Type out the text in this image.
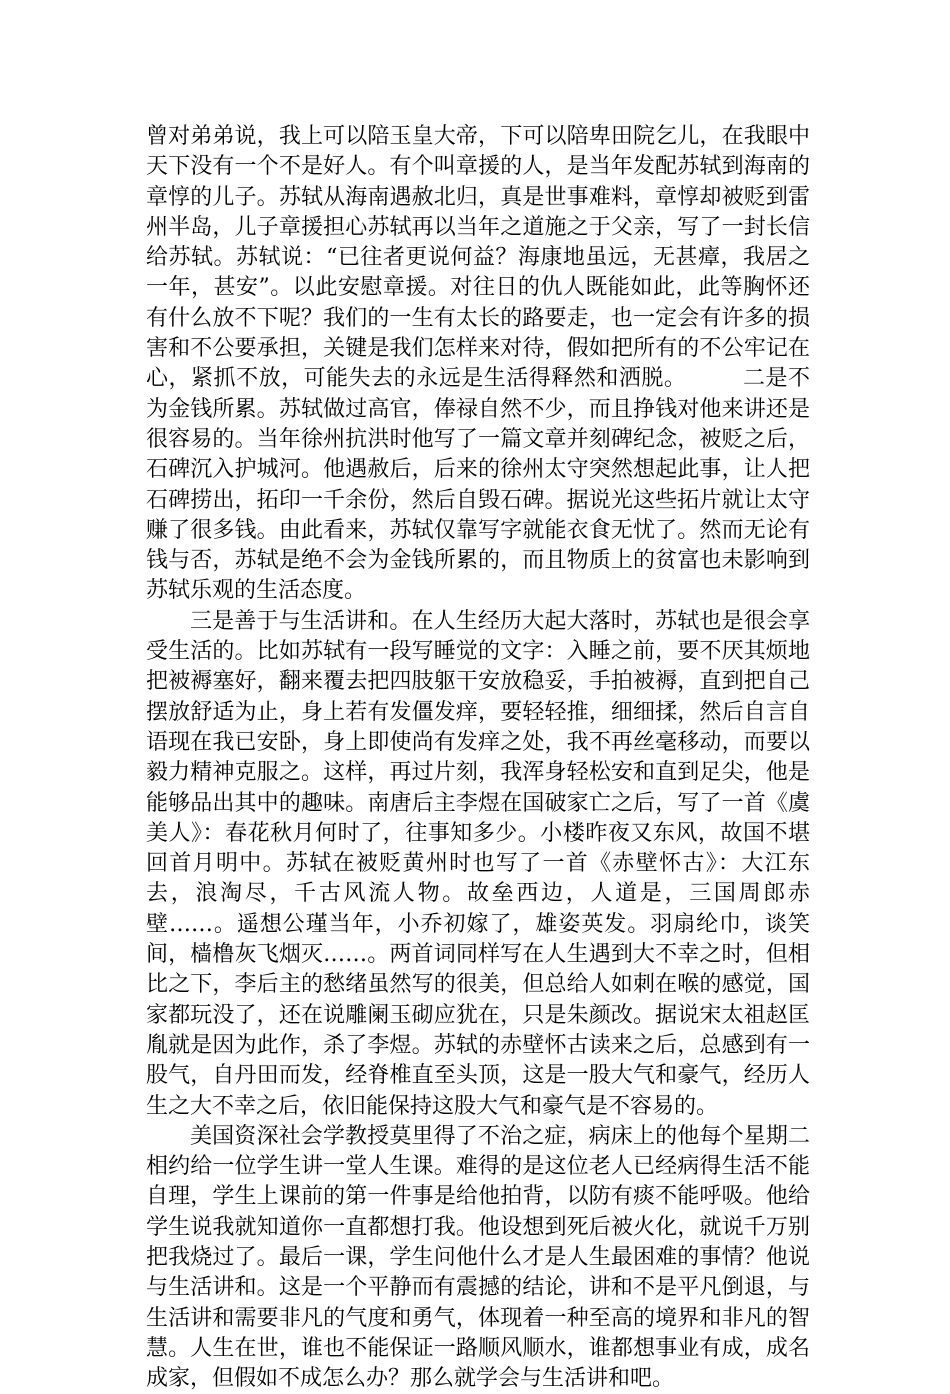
曾对弟弟说，我上可以陪玉皇大帝，下可以陪卑田院乞儿，在我眼中天下没有一个不是好人。有个叫章援的人，是当年发配苏轼到海南的章惇的儿子。苏轼从海南遇赦北归，真是世事难料，章惇却被贬到雷州半岛，儿子章援担心苏轼再以当年之道施之于父亲，写了一封长信给苏轼。苏轼说：“已往者更说何益？海康地虽远，无甚瘴，我居之一年，甚安”。以此安慰章援。对往日的仇人既能如此，此等胸怀还有什么放不下呢？我们的一生有太长的路要走，也一定会有许多的损害和不公要承担，关键是我们怎样来对待，假如把所有的不公牢记在心，紧抓不放，可能失去的永远是生活得释然和洒脱。　　　二是不为金钱所累。苏轼做过高官，俸禄自然不少，而且挣钱对他来讲还是很容易的。当年徐州抗洪时他写了一篇文章并刻碑纪念，被贬之后，石碑沉入护城河。他遇赦后，后来的徐州太守突然想起此事，让人把石碑捞出，拓印一千余份，然后自毁石碑。据说光这些拓片就让太守赚了很多钱。由此看来，苏轼仅靠写字就能衣食无忧了。然而无论有钱与否，苏轼是绝不会为金钱所累的，而且物质上的贫富也未影响到苏轼乐观的生活态度。

三是善于与生活讲和。在人生经历大起大落时，苏轼也是很会享受生活的。比如苏轼有一段写睡觉的文字：入睡之前，要不厌其烦地把被褥塞好，翻来覆去把四肢躯干安放稳妥，手拍被褥，直到把自己摆放舒适为止，身上若有发僵发痒，要轻轻推，细细揉，然后自言自语现在我已安卧，身上即使尚有发痒之处，我不再丝毫移动，而要以毅力精神克服之。这样，再过片刻，我浑身轻松安和直到足尖，他是能够品出其中的趣味。南唐后主李煜在国破家亡之后，写了一首《虞美人》：春花秋月何时了，往事知多少。小楼昨夜又东风，故国不堪回首月明中。苏轼在被贬黄州时也写了一首《赤壁怀古》：大江东去，浪淘尽，千古风流人物。故垒西边，人道是，三国周郎赤壁……。遥想公瑾当年，小乔初嫁了，雄姿英发。羽扇纶巾，谈笑间，樯橹灰飞烟灭……。两首词同样写在人生遇到大不幸之时，但相比之下，李后主的愁绪虽然写的很美，但总给人如刺在喉的感觉，国家都玩没了，还在说雕阑玉砌应犹在，只是朱颜改。据说宋太祖赵匡胤就是因为此作，杀了李煜。苏轼的赤壁怀古读来之后，总感到有一股气，自丹田而发，经脊椎直至头顶，这是一股大气和豪气，经历人生之大不幸之后，依旧能保持这股大气和豪气是不容易的。

美国资深社会学教授莫里得了不治之症，病床上的他每个星期二相约给一位学生讲一堂人生课。难得的是这位老人已经病得生活不能自理，学生上课前的第一件事是给他拍背，以防有痰不能呼吸。他给学生说我就知道你一直都想打我。他设想到死后被火化，就说千万别把我烧过了。最后一课，学生问他什么才是人生最困难的事情？他说与生活讲和。这是一个平静而有震撼的结论，讲和不是平凡倒退，与生活讲和需要非凡的气度和勇气，体现着一种至高的境界和非凡的智慧。人生在世，谁也不能保证一路顺风顺水，谁都想事业有成，成名成家，但假如不成怎么办？那么就学会与生活讲和吧。
